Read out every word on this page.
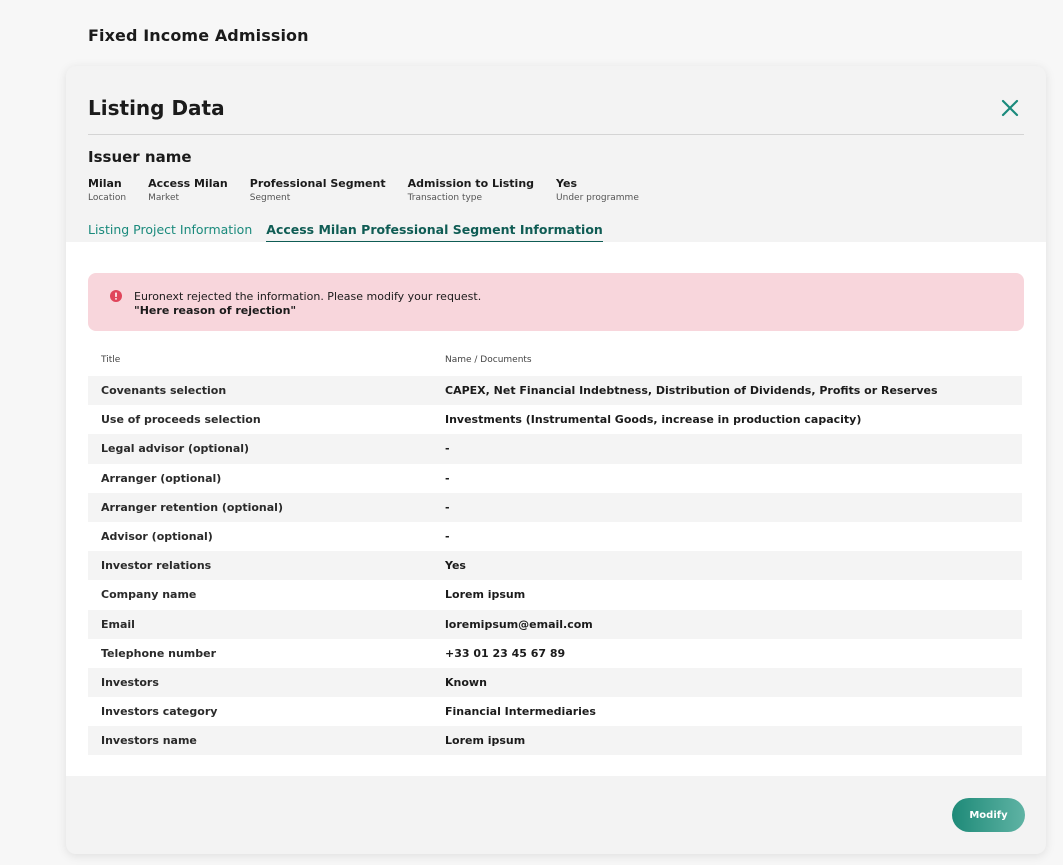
Fixed Income Admission
Listing Data
Issuer name
Milan
Location
Access Milan
Market
Professional Segment
Segment
Admission to Listing
Transaction type
Yes
Under programme
Listing Project Information Access Milan Professional Segment Information
Euronext rejected the information. Please modify your request.
"Here reason of rejection"
Title	Name / Documents
Covenants selection	CAPEX, Net Financial Indebtness, Distribution of Dividends, Profits or Reserves
Use of proceeds selection	Investments (Instrumental Goods, increase in production capacity)
Legal advisor (optional)	-
Arranger (optional)	-
Arranger retention (optional)	-
Advisor (optional)	-
Investor relations	Yes
Company name	Lorem ipsum
Email	loremipsum@email.com
Telephone number	+33 01 23 45 67 89
Investors	Known
Investors category	Financial Intermediaries
Investors name	Lorem ipsum
Modify
